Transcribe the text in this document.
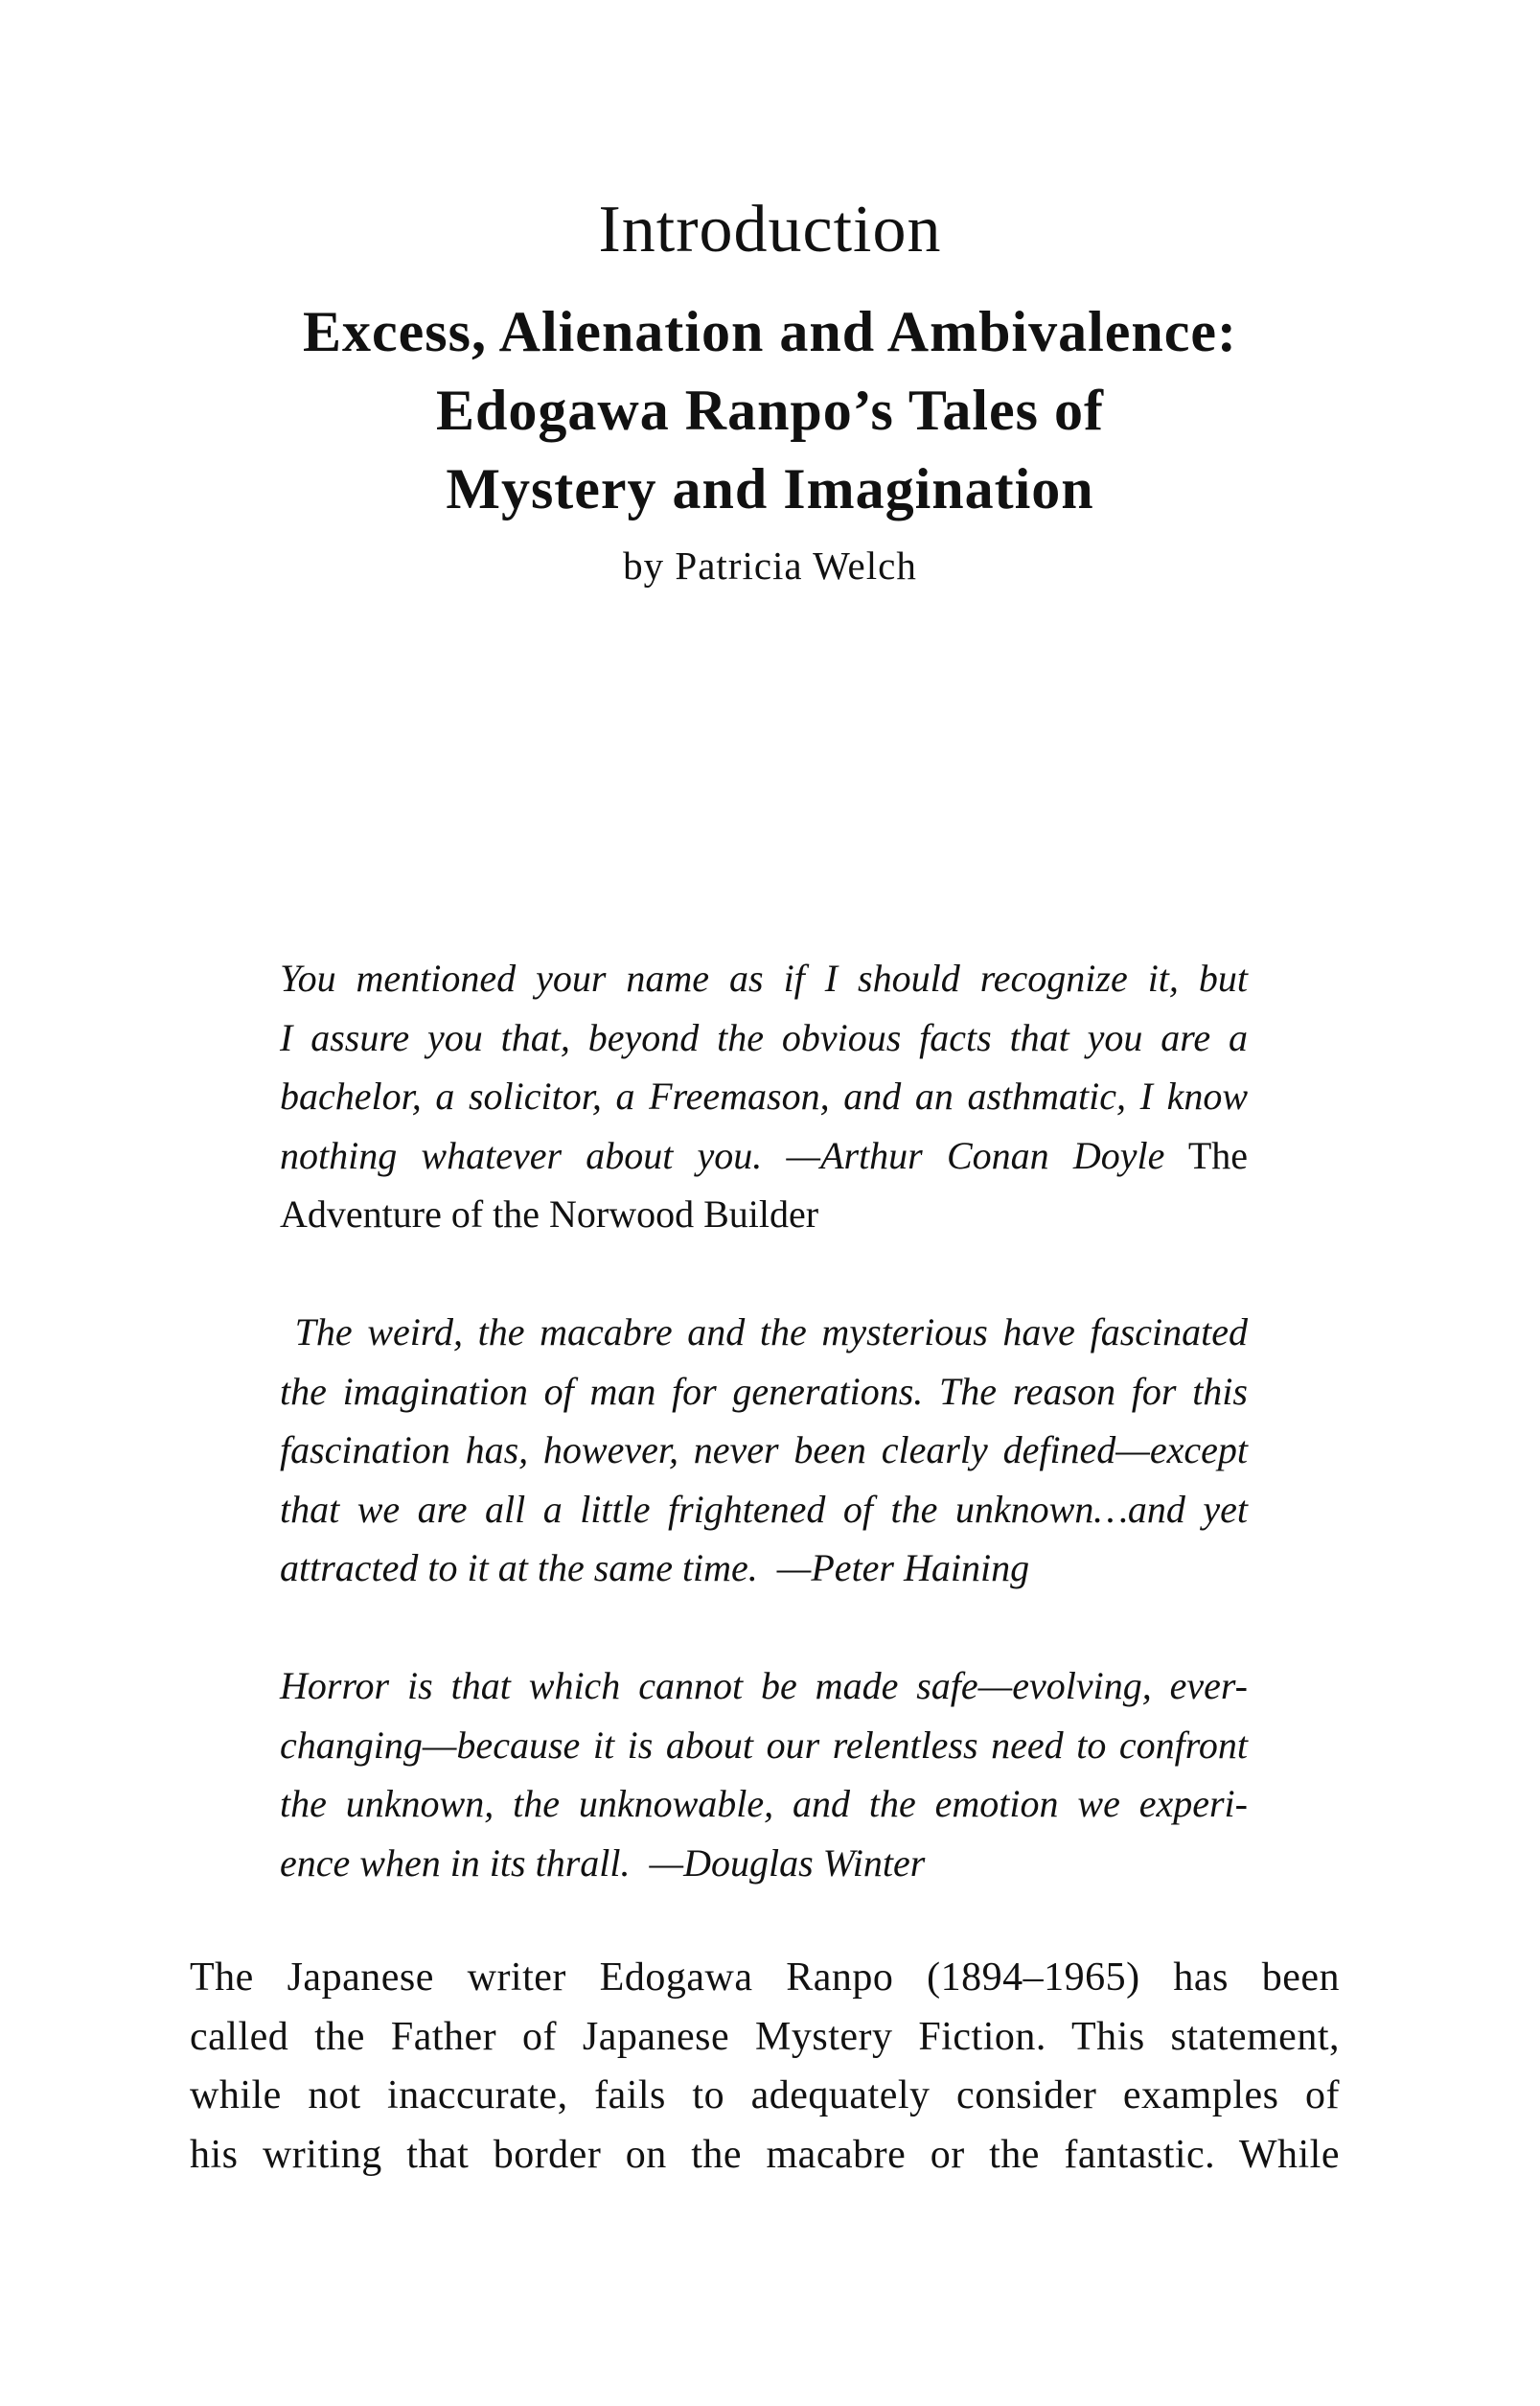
Introduction
Excess, Alienation and Ambivalence:
Edogawa Ranpo’s Tales of
Mystery and Imagination
by Patricia Welch
You mentioned your name as if I should recognize it, but
I assure you that, beyond the obvious facts that you are a
bachelor, a solicitor, a Freemason, and an asthmatic, I know
nothing whatever about you. —Arthur Conan Doyle The
Adventure of the Norwood Builder
The weird, the macabre and the mysterious have fascinated
the imagination of man for generations. The reason for this
fascination has, however, never been clearly defined—except
that we are all a little frightened of the unknown…and yet
attracted to it at the same time.  —Peter Haining
Horror is that which cannot be made safe—evolving, ever-
changing—because it is about our relentless need to confront
the unknown, the unknowable, and the emotion we experi-
ence when in its thrall.  —Douglas Winter
The Japanese writer Edogawa Ranpo (1894–1965) has been
called the Father of Japanese Mystery Fiction. This statement,
while not inaccurate, fails to adequately consider examples of
his writing that border on the macabre or the fantastic. While
